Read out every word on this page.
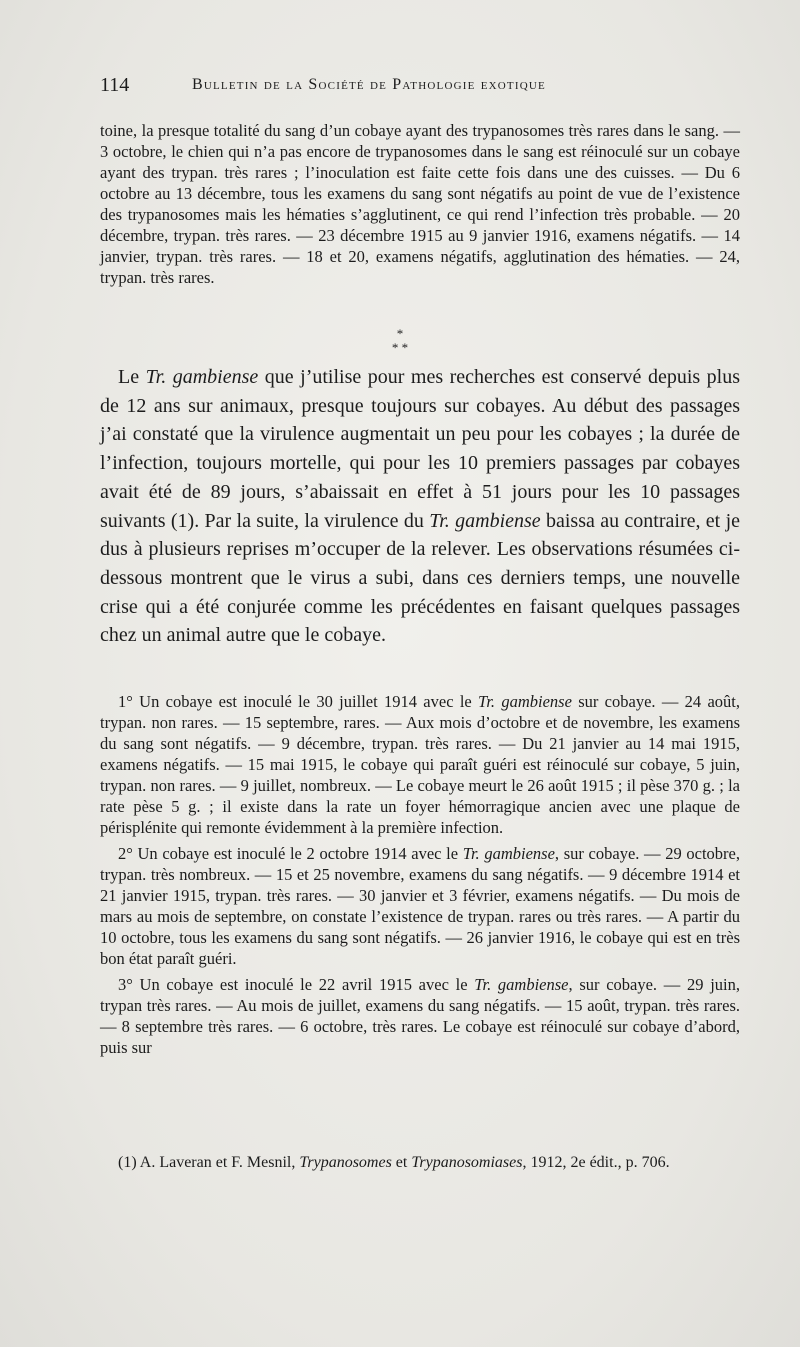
114	Bulletin de la Société de Pathologie exotique

toine, la presque totalité du sang d’un cobaye ayant des trypanosomes très rares dans le sang. — 3 octobre, le chien qui n’a pas encore de trypanosomes dans le sang est réinoculé sur un cobaye ayant des trypan. très rares ; l’inoculation est faite cette fois dans une des cuisses. — Du 6 octobre au 13 décembre, tous les examens du sang sont négatifs au point de vue de l’existence des trypanosomes mais les hématies s’agglutinent, ce qui rend l’infection très probable. — 20 décembre, trypan. très rares. — 23 décembre 1915 au 9 janvier 1916, examens négatifs. — 14 janvier, trypan. très rares. — 18 et 20, examens négatifs, agglutination des hématies. — 24, trypan. très rares.

*
* *

Le Tr. gambiense que j’utilise pour mes recherches est conservé depuis plus de 12 ans sur animaux, presque toujours sur cobayes. Au début des passages j’ai constaté que la virulence augmentait un peu pour les cobayes ; la durée de l’infection, toujours mortelle, qui pour les 10 premiers passages par cobayes avait été de 89 jours, s’abaissait en effet à 51 jours pour les 10 passages suivants (1). Par la suite, la virulence du Tr. gambiense baissa au contraire, et je dus à plusieurs reprises m’occuper de la relever. Les observations résumées ci-dessous montrent que le virus a subi, dans ces derniers temps, une nouvelle crise qui a été conjurée comme les précédentes en faisant quelques passages chez un animal autre que le cobaye.

1° Un cobaye est inoculé le 30 juillet 1914 avec le Tr. gambiense sur cobaye. — 24 août, trypan. non rares. — 15 septembre, rares. — Aux mois d’octobre et de novembre, les examens du sang sont négatifs. — 9 décembre, trypan. très rares. — Du 21 janvier au 14 mai 1915, examens négatifs. — 15 mai 1915, le cobaye qui paraît guéri est réinoculé sur cobaye, 5 juin, trypan. non rares. — 9 juillet, nombreux. — Le cobaye meurt le 26 août 1915 ; il pèse 370 g. ; la rate pèse 5 g. ; il existe dans la rate un foyer hémorragique ancien avec une plaque de périsplénite qui remonte évidemment à la première infection.

2° Un cobaye est inoculé le 2 octobre 1914 avec le Tr. gambiense, sur cobaye. — 29 octobre, trypan. très nombreux. — 15 et 25 novembre, examens du sang négatifs. — 9 décembre 1914 et 21 janvier 1915, trypan. très rares. — 30 janvier et 3 février, examens négatifs. — Du mois de mars au mois de septembre, on constate l’existence de trypan. rares ou très rares. — A partir du 10 octobre, tous les examens du sang sont négatifs. — 26 janvier 1916, le cobaye qui est en très bon état paraît guéri.

3° Un cobaye est inoculé le 22 avril 1915 avec le Tr. gambiense, sur cobaye. — 29 juin, trypan très rares. — Au mois de juillet, examens du sang négatifs. — 15 août, trypan. très rares. — 8 septembre très rares. — 6 octobre, très rares. Le cobaye est réinoculé sur cobaye d’abord, puis sur

(1) A. Laveran et F. Mesnil, Trypanosomes et Trypanosomiases, 1912, 2e édit., p. 706.
